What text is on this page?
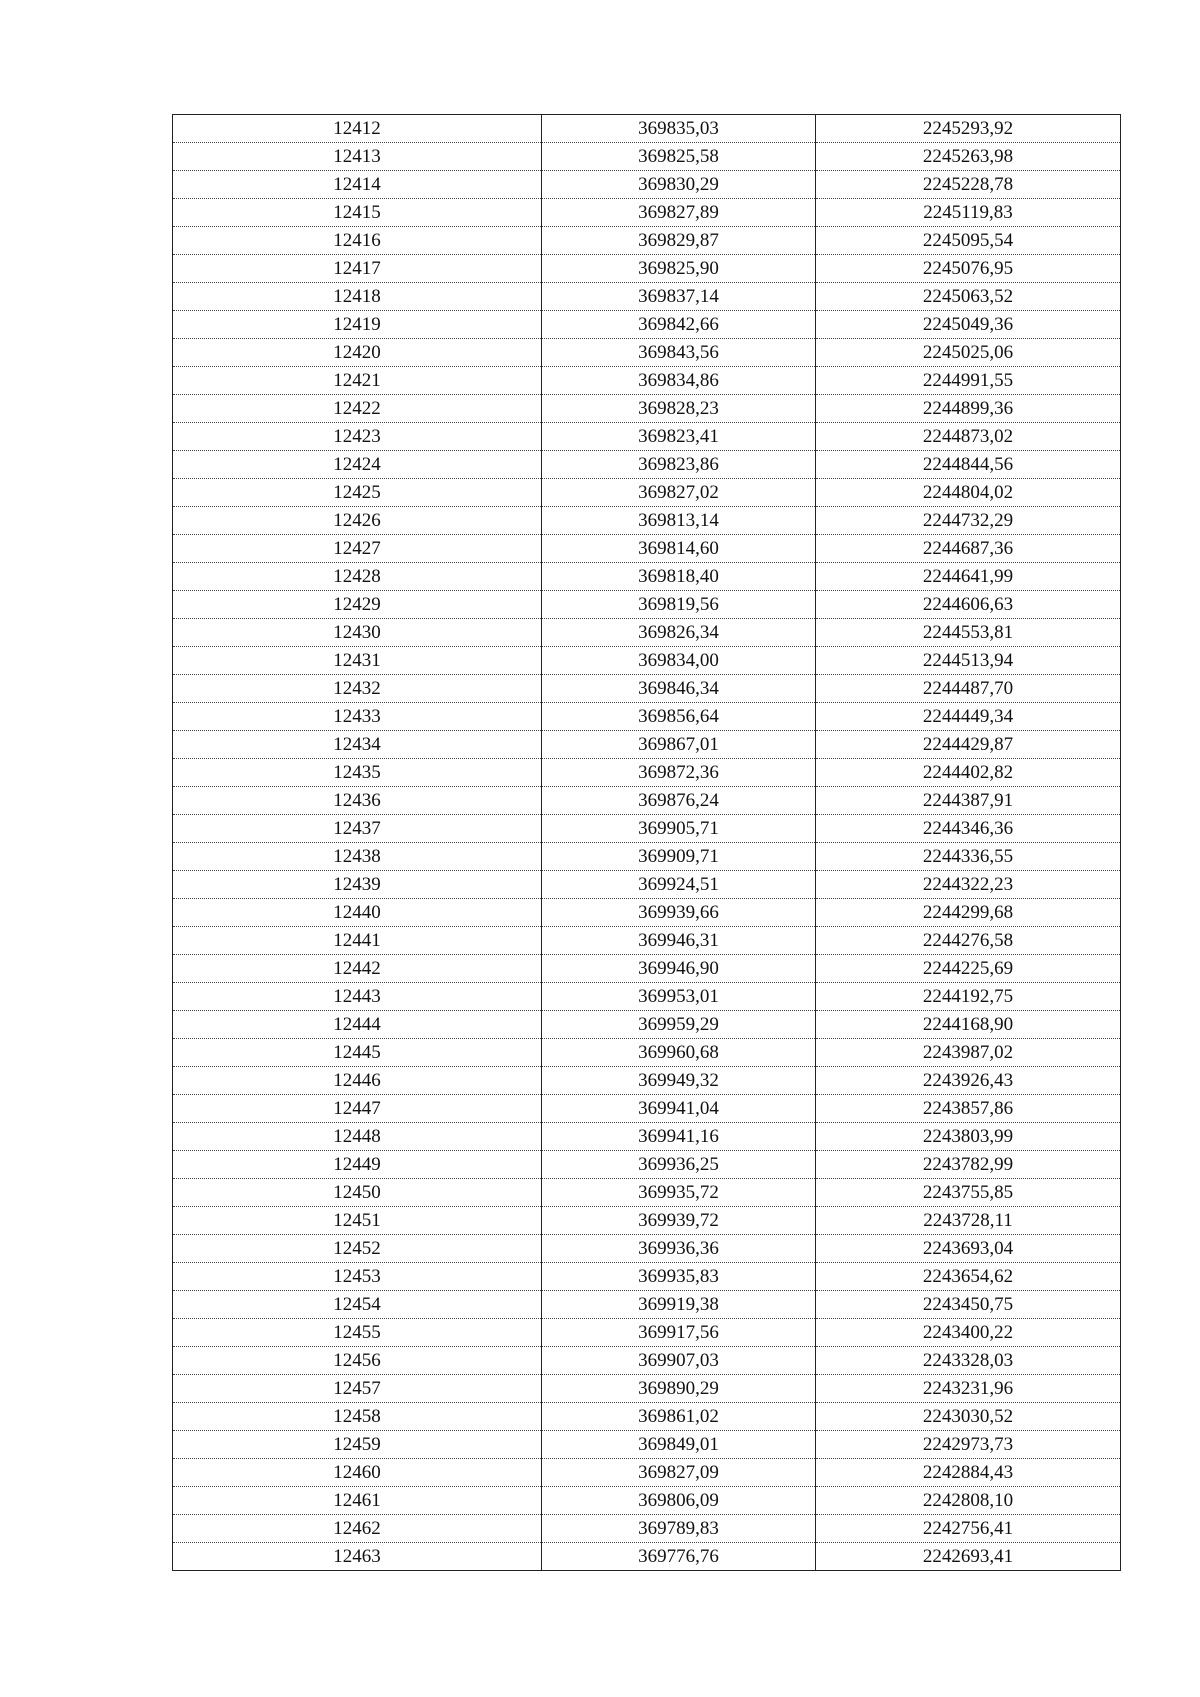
12412	369835,03	2245293,92
12413	369825,58	2245263,98
12414	369830,29	2245228,78
12415	369827,89	2245119,83
12416	369829,87	2245095,54
12417	369825,90	2245076,95
12418	369837,14	2245063,52
12419	369842,66	2245049,36
12420	369843,56	2245025,06
12421	369834,86	2244991,55
12422	369828,23	2244899,36
12423	369823,41	2244873,02
12424	369823,86	2244844,56
12425	369827,02	2244804,02
12426	369813,14	2244732,29
12427	369814,60	2244687,36
12428	369818,40	2244641,99
12429	369819,56	2244606,63
12430	369826,34	2244553,81
12431	369834,00	2244513,94
12432	369846,34	2244487,70
12433	369856,64	2244449,34
12434	369867,01	2244429,87
12435	369872,36	2244402,82
12436	369876,24	2244387,91
12437	369905,71	2244346,36
12438	369909,71	2244336,55
12439	369924,51	2244322,23
12440	369939,66	2244299,68
12441	369946,31	2244276,58
12442	369946,90	2244225,69
12443	369953,01	2244192,75
12444	369959,29	2244168,90
12445	369960,68	2243987,02
12446	369949,32	2243926,43
12447	369941,04	2243857,86
12448	369941,16	2243803,99
12449	369936,25	2243782,99
12450	369935,72	2243755,85
12451	369939,72	2243728,11
12452	369936,36	2243693,04
12453	369935,83	2243654,62
12454	369919,38	2243450,75
12455	369917,56	2243400,22
12456	369907,03	2243328,03
12457	369890,29	2243231,96
12458	369861,02	2243030,52
12459	369849,01	2242973,73
12460	369827,09	2242884,43
12461	369806,09	2242808,10
12462	369789,83	2242756,41
12463	369776,76	2242693,41
